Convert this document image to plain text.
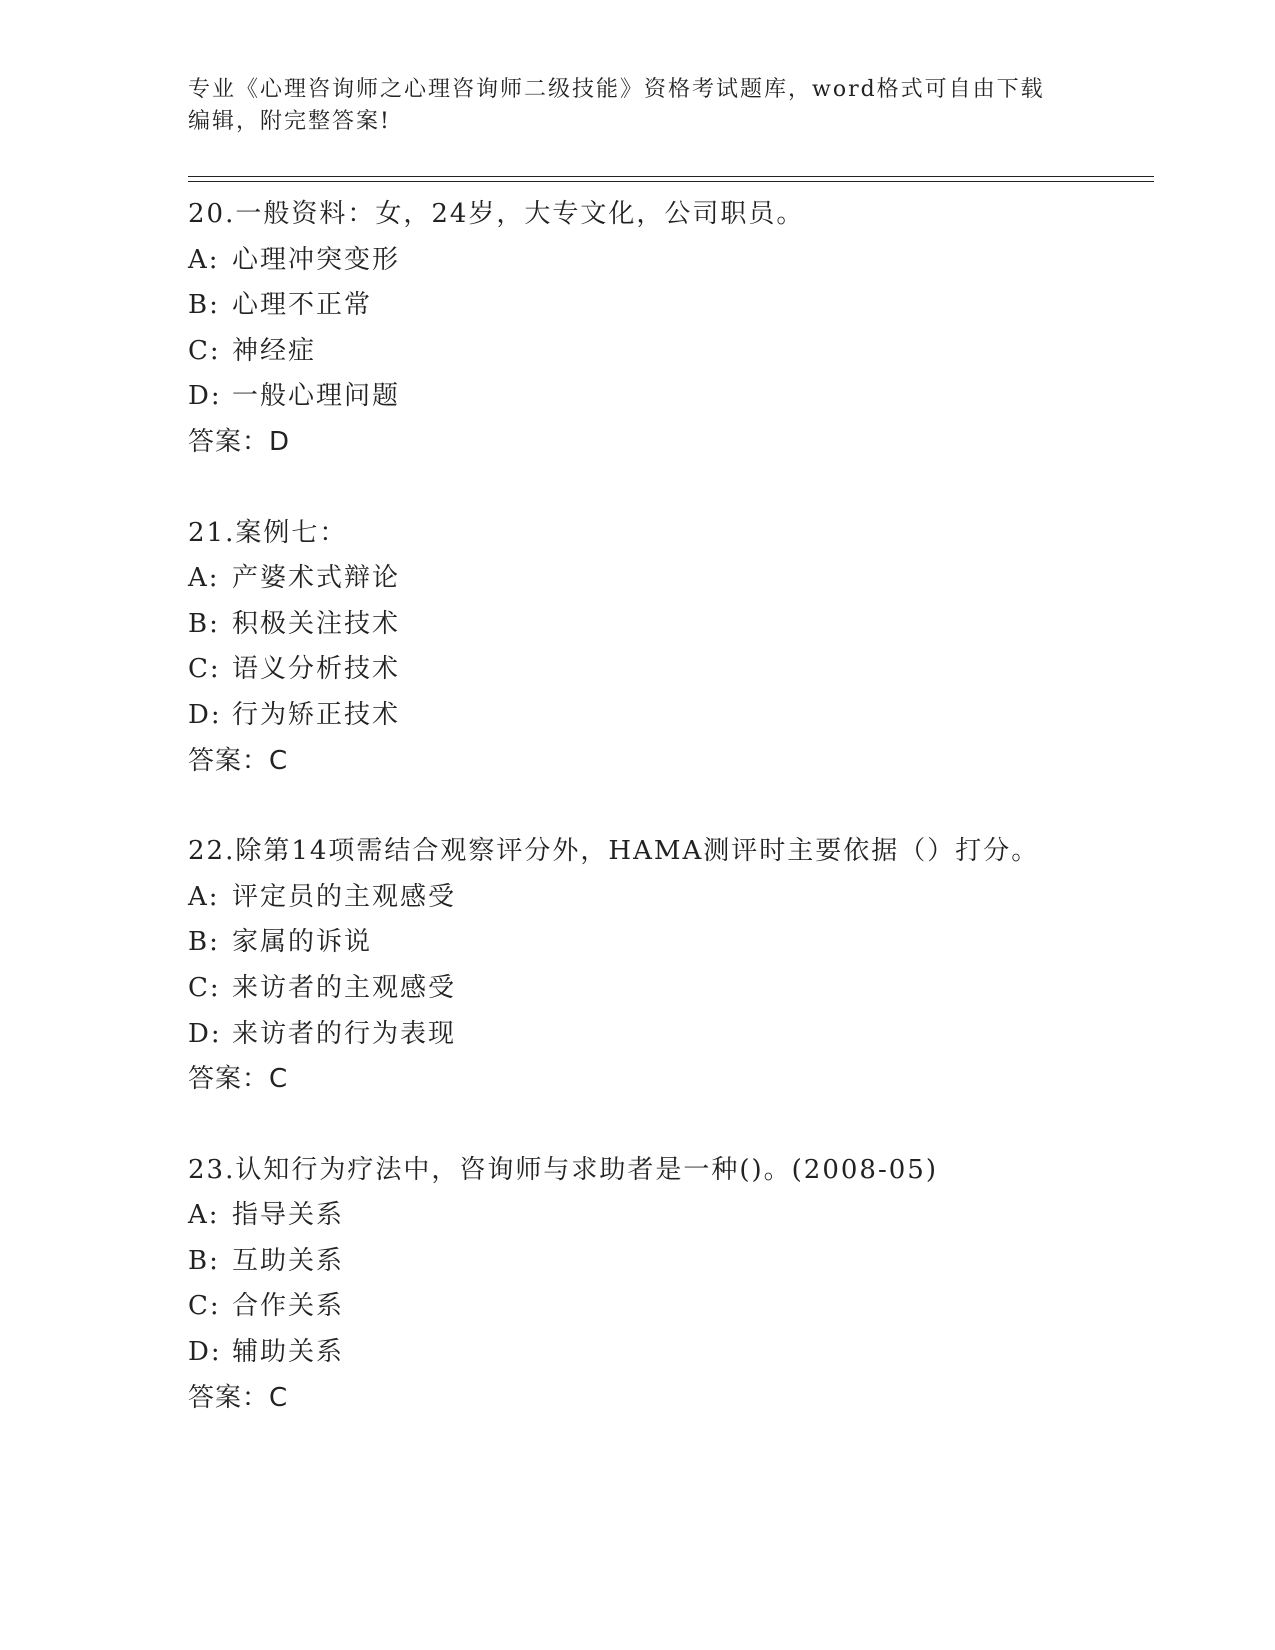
专业《心理咨询师之心理咨询师二级技能》资格考试题库，word格式可自由下载
编辑，附完整答案!
20.一般资料：女，24岁，大专文化，公司职员。
A: 心理冲突变形
B: 心理不正常
C: 神经症
D: 一般心理问题
答案：D
21.案例七：
A: 产婆术式辩论
B: 积极关注技术
C: 语义分析技术
D: 行为矫正技术
答案：C
22.除第14项需结合观察评分外，HAMA测评时主要依据（）打分。
A: 评定员的主观感受
B: 家属的诉说
C: 来访者的主观感受
D: 来访者的行为表现
答案：C
23.认知行为疗法中，咨询师与求助者是一种()。(2008-05)
A: 指导关系
B: 互助关系
C: 合作关系
D: 辅助关系
答案：C
